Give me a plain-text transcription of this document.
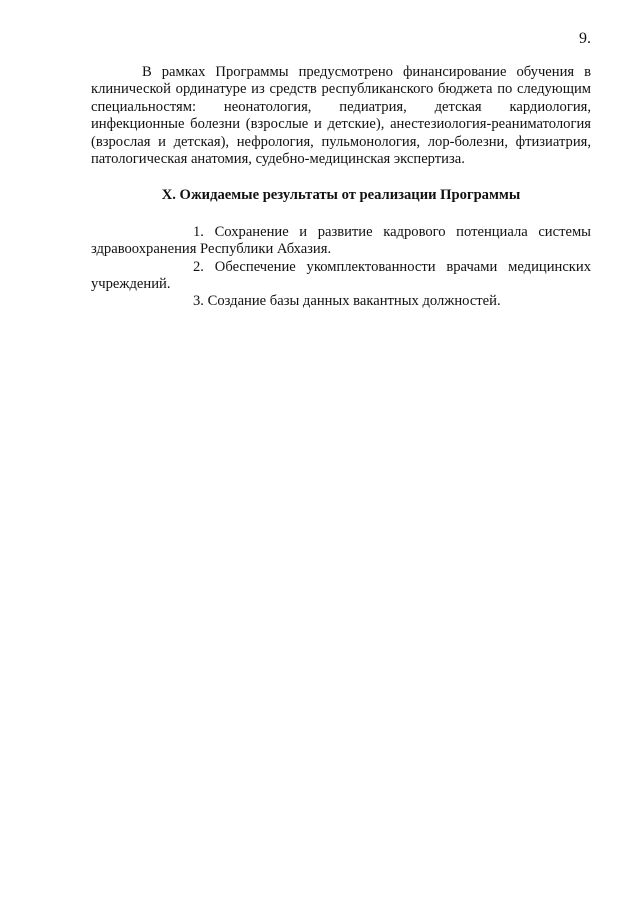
9.

В рамках Программы предусмотрено финансирование обучения в клинической ординатуре из средств республиканского бюджета по следующим специальностям: неонатология, педиатрия, детская кардиология, инфекционные болезни (взрослые и детские), анестезиология-реаниматология (взрослая и детская), нефрология, пульмонология, лор-болезни, фтизиатрия, патологическая анатомия, судебно-медицинская экспертиза.

X. Ожидаемые результаты от реализации Программы

1. Сохранение и развитие кадрового потенциала системы здравоохранения Республики Абхазия.

2. Обеспечение укомплектованности врачами медицинских учреждений.

3. Создание базы данных вакантных должностей.
